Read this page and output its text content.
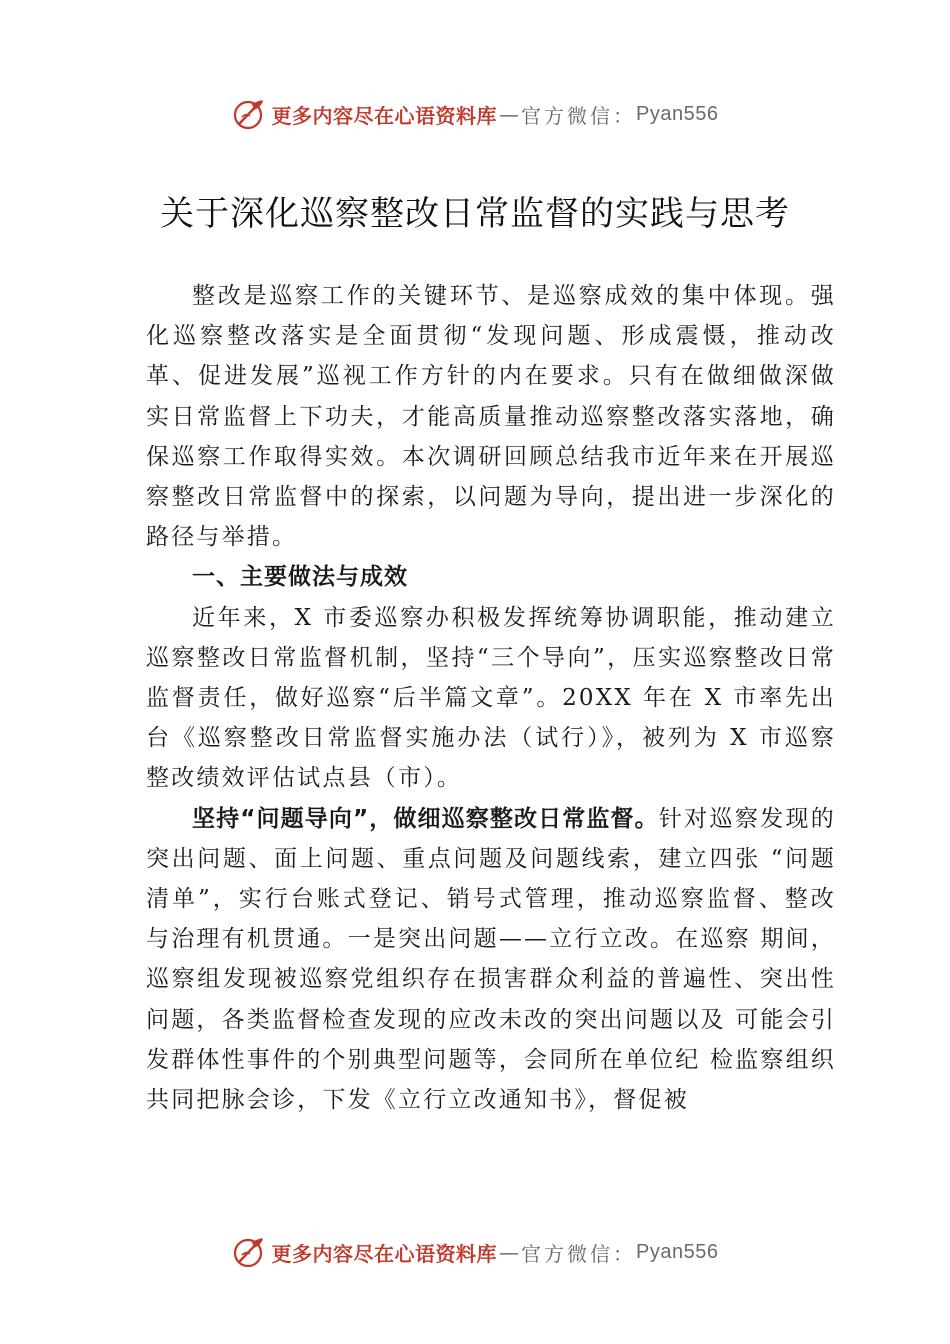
更多内容尽在心语资料库 — 官方微信： Pyan556
关于深化巡察整改日常监督的实践与思考

整改是巡察工作的关键环节、是巡察成效的集中体现。强化巡察整改落实是全面贯彻“发现问题、形成震慑，推动改革、促进发展”巡视工作方针的内在要求。只有在做细做深做实日常监督上下功夫，才能高质量推动巡察整改落实落地，确保巡察工作取得实效。本次调研回顾总结我市近年来在开展巡察整改日常监督中的探索，以问题为导向，提出进一步深化的路径与举措。

一、主要做法与成效

近年来，X 市委巡察办积极发挥统筹协调职能，推动建立巡察整改日常监督机制，坚持“三个导向”，压实巡察整改日常监督责任，做好巡察“后半篇文章”。20XX 年在 X 市率先出台《巡察整改日常监督实施办法（试行）》，被列为 X 市巡察整改绩效评估试点县（市）。

坚持“问题导向”，做细巡察整改日常监督。针对巡察发现的突出问题、面上问题、重点问题及问题线索，建立四张 “问题清单”，实行台账式登记、销号式管理，推动巡察监督、整改与治理有机贯通。一是突出问题——立行立改。在巡察 期间，巡察组发现被巡察党组织存在损害群众利益的普遍性、突出性问题，各类监督检查发现的应改未改的突出问题以及 可能会引发群体性事件的个别典型问题等，会同所在单位纪 检监察组织共同把脉会诊，下发《立行立改通知书》，督促被

更多内容尽在心语资料库 — 官方微信： Pyan556
